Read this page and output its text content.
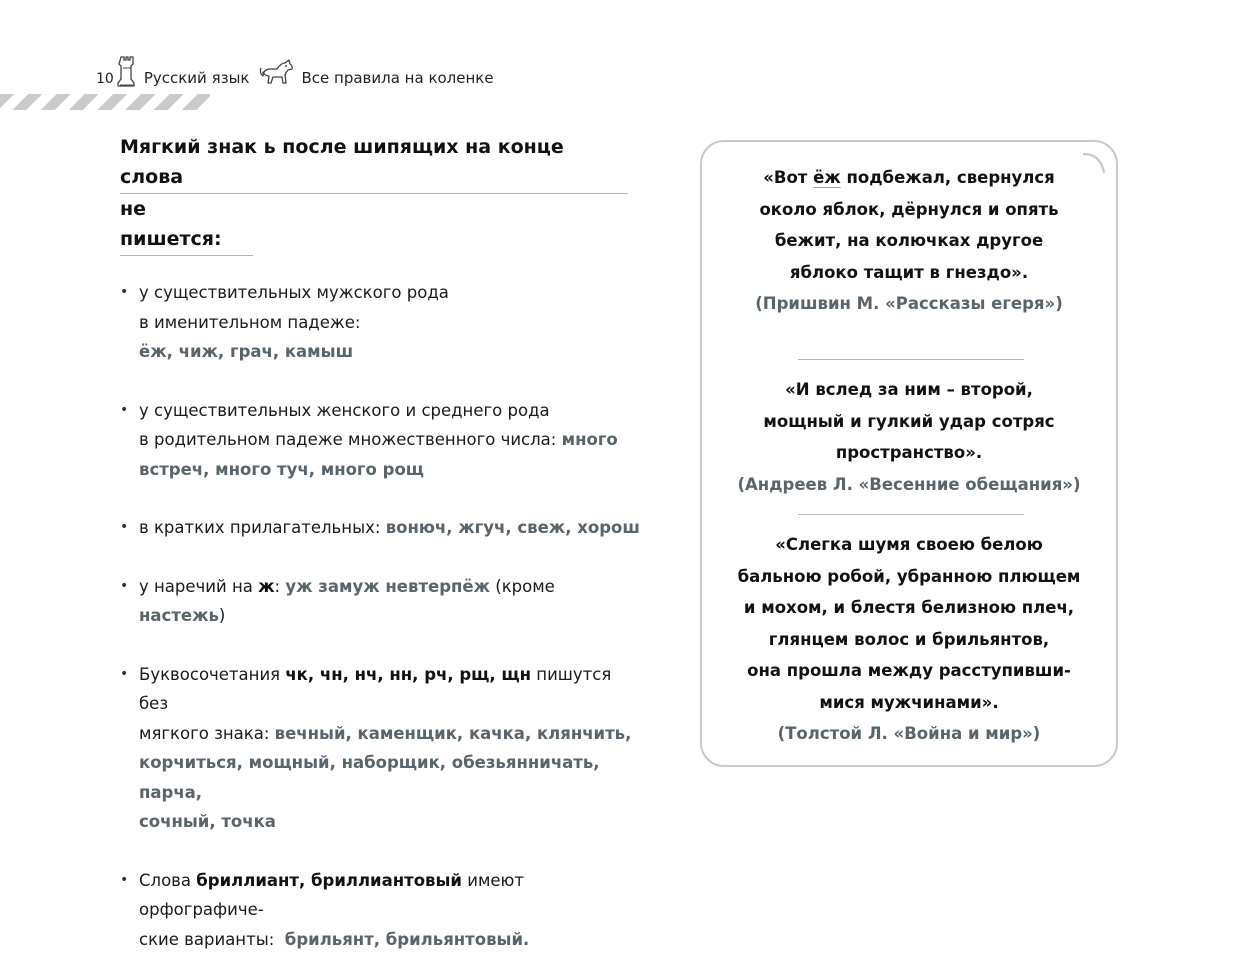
10 Русский язык	Все правила на коленке
Мягкий знак ь после шипящих на конце слова
не пишется:
• у существительных мужского рода
в именительном падеже:
ёж, чиж, грач, камыш
• у существительных женского и среднего рода
в родительном падеже множественного числа: много
встреч, много туч, много рощ
• в кратких прилагательных: вонюч, жгуч, свеж, хорош
• у наречий на ж: уж замуж невтерпёж (кроме настежь)
• Буквосочетания чк, чн, нч, нн, рч, рщ, щн пишутся без
мягкого знака: вечный, каменщик, качка, клянчить,
корчиться, мощный, наборщик, обезьянничать, парча,
сочный, точка
• Слова бриллиант, бриллиантовый имеют орфографиче-
ские варианты: брильянт, брильянтовый.
«Вот ёж подбежал, свернулся
около яблок, дёрнулся и опять
бежит, на колючках другое
яблоко тащит в гнездо».
(Пришвин М. «Рассказы егеря»)
«И вслед за ним – второй,
мощный и гулкий удар сотряс
пространство».
(Андреев Л. «Весенние обещания»)
«Слегка шумя своею белою
бальною робой, убранною плющем
и мохом, и блестя белизною плеч,
глянцем волос и брильянтов,
она прошла между расступивши-
мися мужчинами».
(Толстой Л. «Война и мир»)
